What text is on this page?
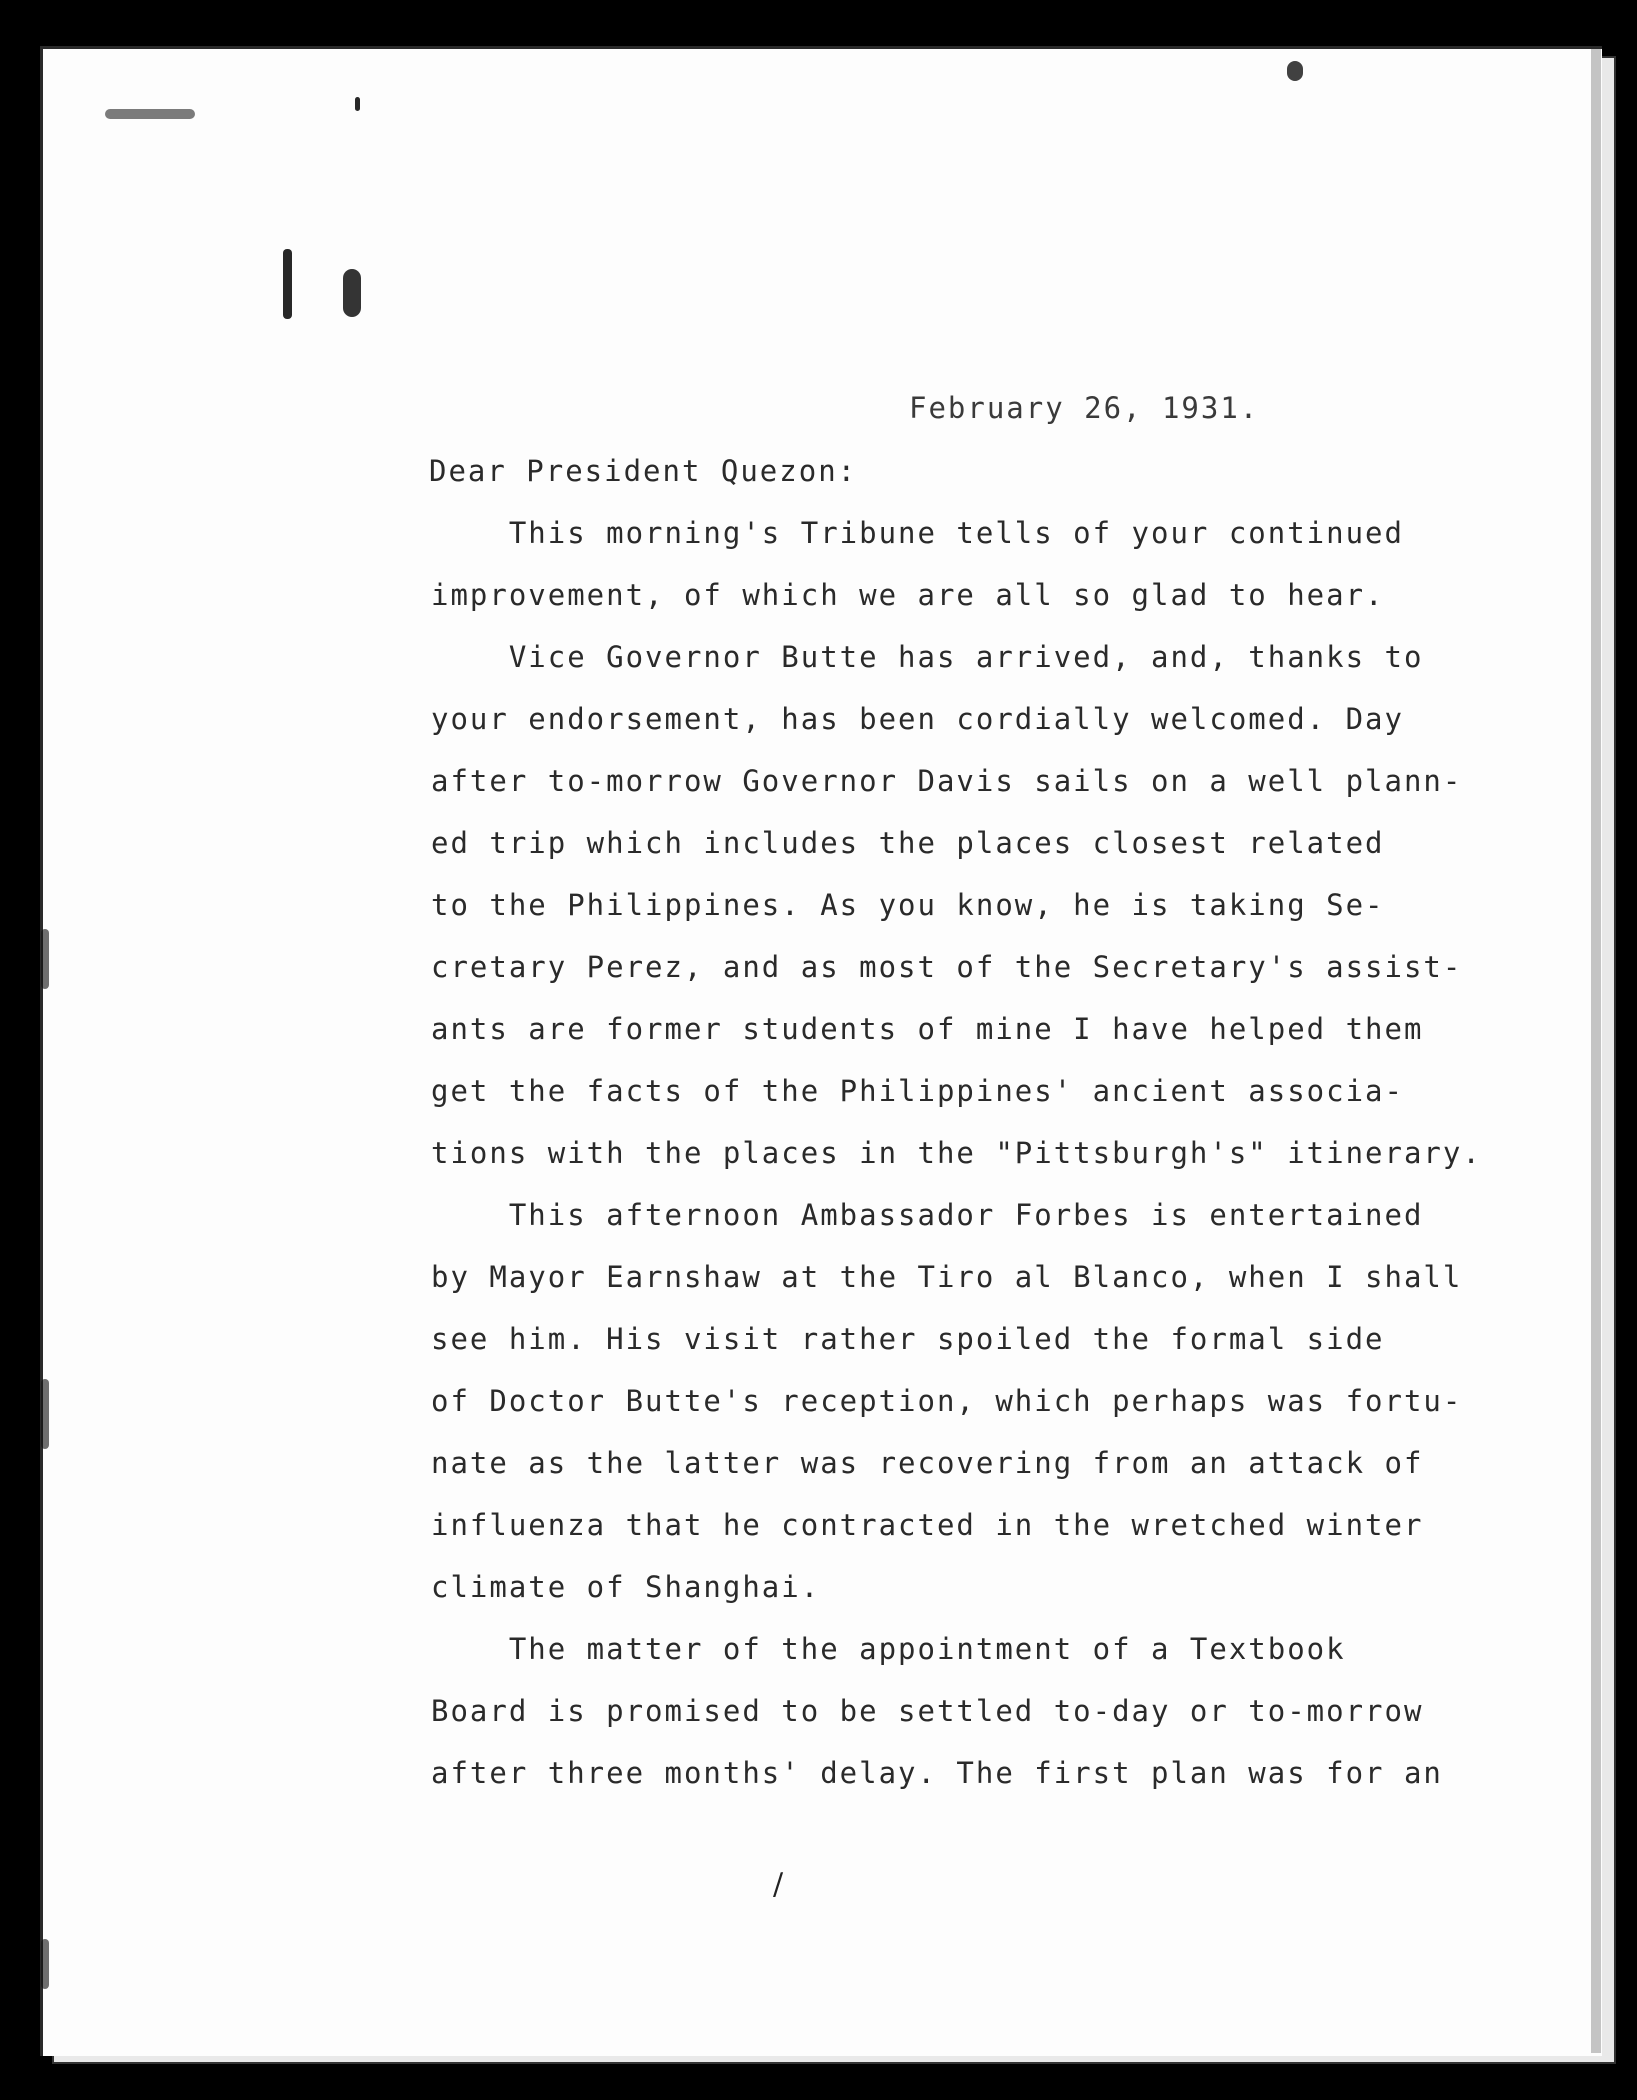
February 26, 1931.
Dear President Quezon:

This morning's Tribune tells of your continued

improvement, of which we are all so glad to hear.

Vice Governor Butte has arrived, and, thanks to

your endorsement, has been cordially welcomed. Day

after to-morrow Governor Davis sails on a well plann-

ed trip which includes the places closest related

to the Philippines. As you know, he is taking Se-

cretary Perez, and as most of the Secretary's assist-

ants are former students of mine I have helped them

get the facts of the Philippines' ancient associa-

tions with the places in the "Pittsburgh's" itinerary.

This afternoon Ambassador Forbes is entertained

by Mayor Earnshaw at the Tiro al Blanco, when I shall

see him. His visit rather spoiled the formal side

of Doctor Butte's reception, which perhaps was fortu-

nate as the latter was recovering from an attack of

influenza that he contracted in the wretched winter

climate of Shanghai.

The matter of the appointment of a Textbook

Board is promised to be settled to-day or to-morrow

after three months' delay. The first plan was for an

/
